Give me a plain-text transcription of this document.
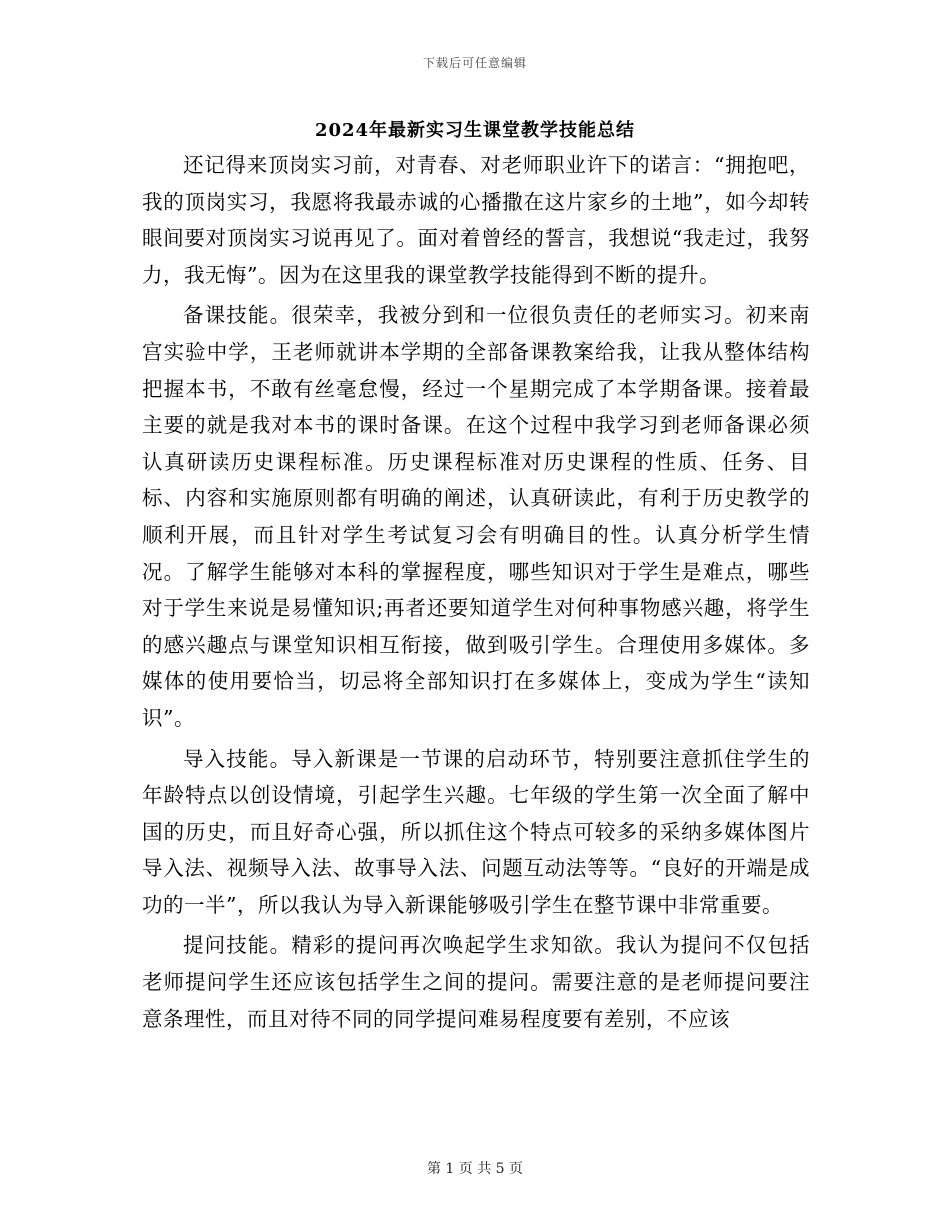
下载后可任意编辑
2024年最新实习生课堂教学技能总结

还记得来顶岗实习前，对青春、对老师职业许下的诺言：“拥抱吧，我的顶岗实习，我愿将我最赤诚的心播撒在这片家乡的土地”，如今却转眼间要对顶岗实习说再见了。面对着曾经的誓言，我想说“我走过，我努力，我无悔”。因为在这里我的课堂教学技能得到不断的提升。

备课技能。很荣幸，我被分到和一位很负责任的老师实习。初来南宫实验中学，王老师就讲本学期的全部备课教案给我，让我从整体结构把握本书，不敢有丝毫怠慢，经过一个星期完成了本学期备课。接着最主要的就是我对本书的课时备课。在这个过程中我学习到老师备课必须认真研读历史课程标准。历史课程标准对历史课程的性质、任务、目标、内容和实施原则都有明确的阐述，认真研读此，有利于历史教学的顺利开展，而且针对学生考试复习会有明确目的性。认真分析学生情况。了解学生能够对本科的掌握程度，哪些知识对于学生是难点，哪些对于学生来说是易懂知识;再者还要知道学生对何种事物感兴趣，将学生的感兴趣点与课堂知识相互衔接，做到吸引学生。合理使用多媒体。多媒体的使用要恰当，切忌将全部知识打在多媒体上，变成为学生“读知识”。

导入技能。导入新课是一节课的启动环节，特别要注意抓住学生的年龄特点以创设情境，引起学生兴趣。七年级的学生第一次全面了解中国的历史，而且好奇心强，所以抓住这个特点可较多的采纳多媒体图片导入法、视频导入法、故事导入法、问题互动法等等。“良好的开端是成功的一半”，所以我认为导入新课能够吸引学生在整节课中非常重要。

提问技能。精彩的提问再次唤起学生求知欲。我认为提问不仅包括老师提问学生还应该包括学生之间的提问。需要注意的是老师提问要注意条理性，而且对待不同的同学提问难易程度要有差别，不应该

第 1 页 共 5 页
